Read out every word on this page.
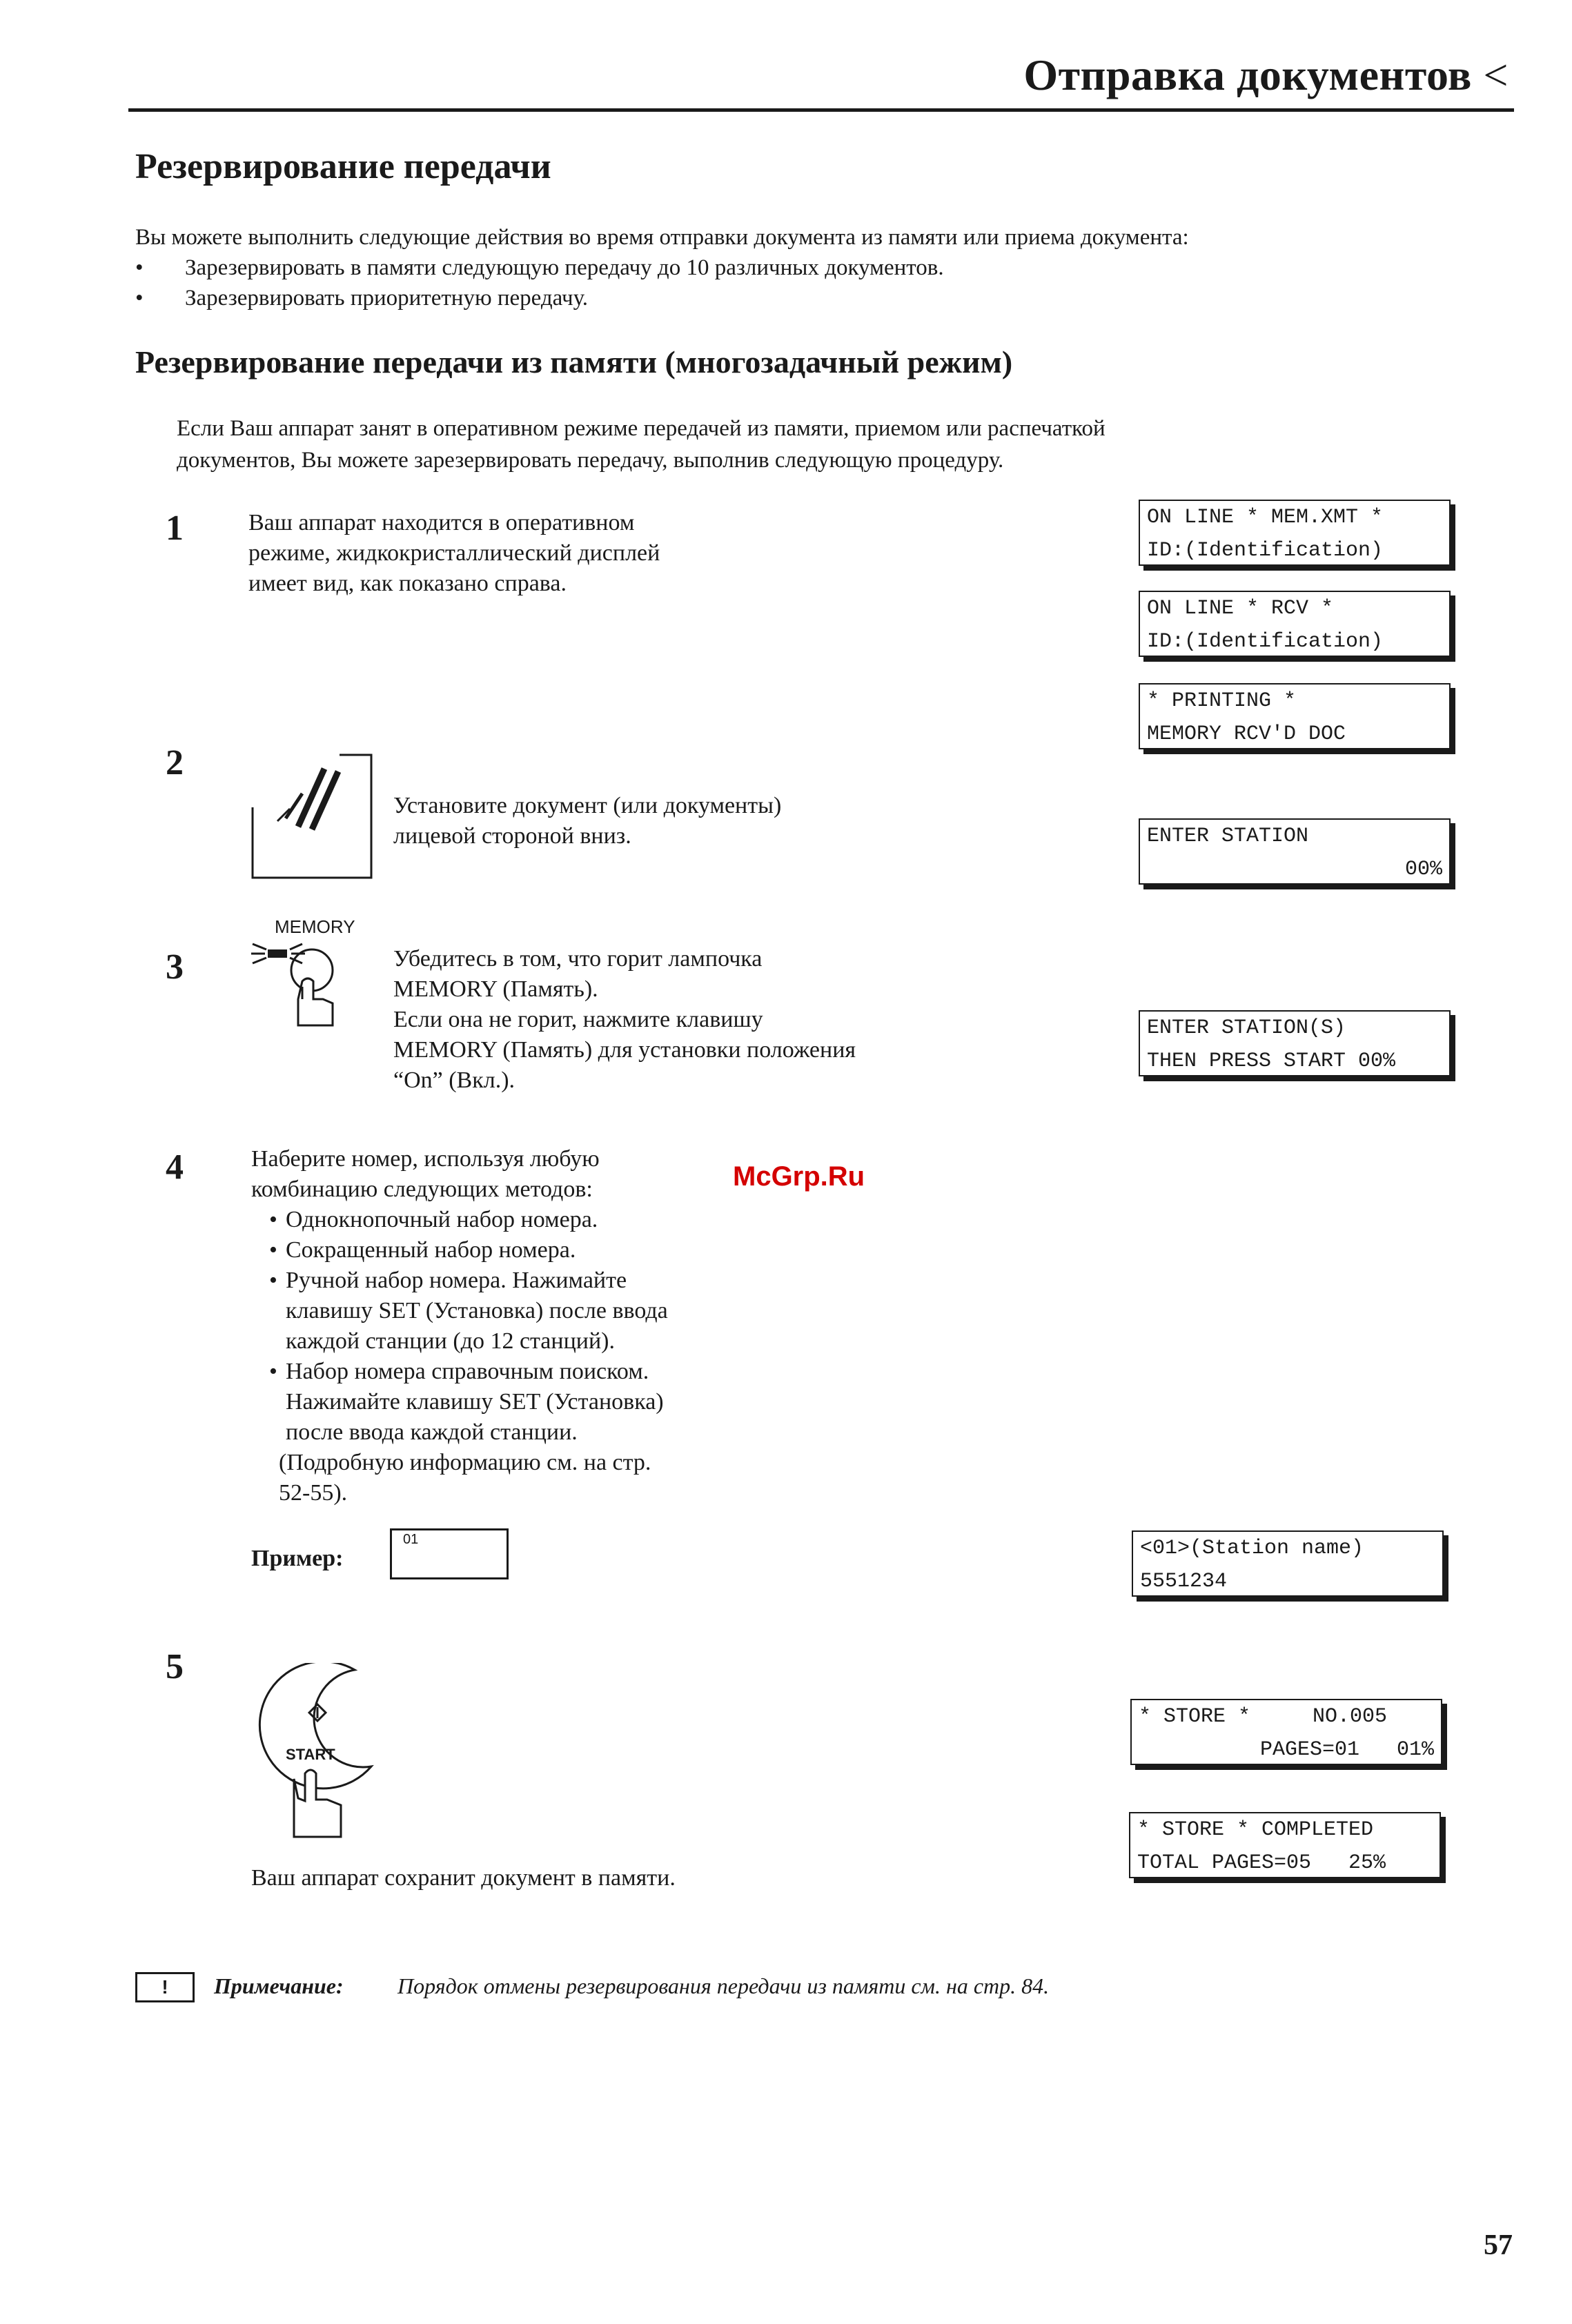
Отправка документов <
Резервирование передачи
Вы можете выполнить следующие действия во время отправки документа из памяти или приема документа:
• Зарезервировать в памяти следующую передачу до 10 различных документов.
• Зарезервировать приоритетную передачу.
Резервирование передачи из памяти (многозадачный режим)
Если Ваш аппарат занят в оперативном режиме передачей из памяти, приемом или распечаткой
документов, Вы можете зарезервировать передачу, выполнив следующую процедуру.
1	Ваш аппарат находится в оперативном
режиме, жидкокристаллический дисплей
имеет вид, как показано справа.
2
Установите документ (или документы)
лицевой стороной вниз.
3
MEMORY
Убедитесь в том, что горит лампочка
MEMORY (Память).
Если она не горит, нажмите клавишу
MEMORY (Память) для установки положения
“On” (Вкл.).
4	Наберите номер, используя любую
комбинацию следующих методов:
• Однокнопочный набор номера.
• Сокращенный набор номера.
• Ручной набор номера. Нажимайте
клавишу SET (Установка) после ввода
каждой станции (до 12 станций).
• Набор номера справочным поиском.
Нажимайте клавишу SET (Установка)
после ввода каждой станции.
(Подробную информацию см. на стр.
52-55).
Пример:
01
McGrp.Ru
5
START
Ваш аппарат сохранит документ в памяти.
ON LINE * MEM.XMT *
ID:(Identification)
ON LINE * RCV *
ID:(Identification)
* PRINTING *
MEMORY RCV'D DOC
ENTER STATION
00%
ENTER STATION(S)
THEN PRESS START 00%
<01>(Station name)
5551234
* STORE *     NO.005
PAGES=01   01%
* STORE * COMPLETED
TOTAL PAGES=05   25%
!	Примечание: Порядок отмены резервирования передачи из памяти см. на стр. 84.
57
